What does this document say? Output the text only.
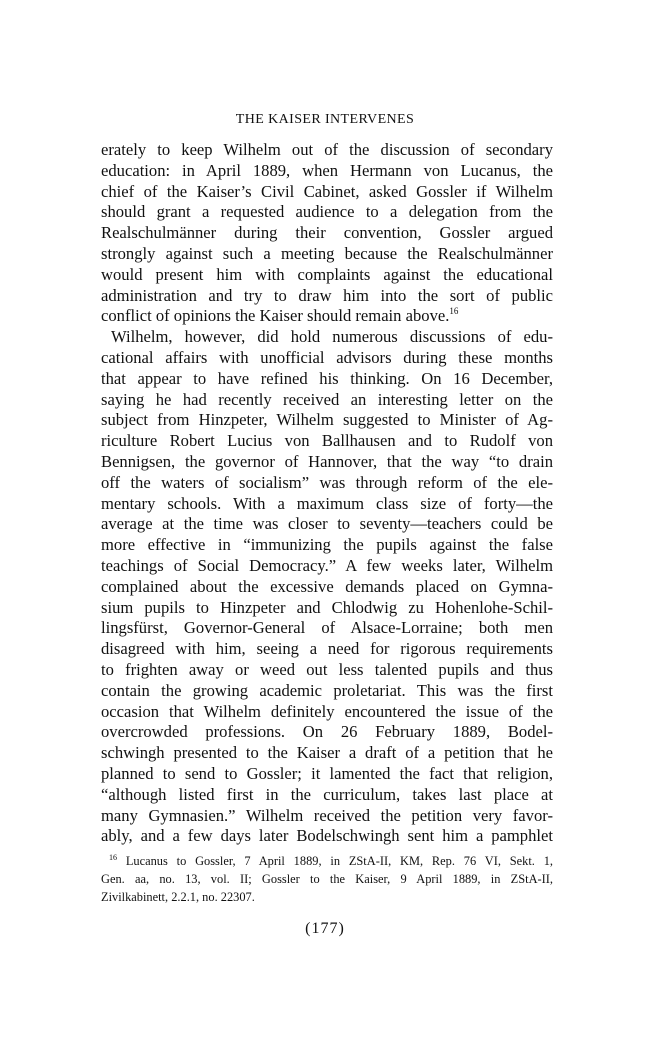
THE KAISER INTERVENES
erately to keep Wilhelm out of the discussion of secondary
education: in April 1889, when Hermann von Lucanus, the
chief of the Kaiser’s Civil Cabinet, asked Gossler if Wilhelm
should grant a requested audience to a delegation from the
Realschulmänner during their convention, Gossler argued
strongly against such a meeting because the Realschulmänner
would present him with complaints against the educational
administration and try to draw him into the sort of public
conflict of opinions the Kaiser should remain above.$^{16}$
Wilhelm, however, did hold numerous discussions of edu-
cational affairs with unofficial advisors during these months
that appear to have refined his thinking. On 16 December,
saying he had recently received an interesting letter on the
subject from Hinzpeter, Wilhelm suggested to Minister of Ag-
riculture Robert Lucius von Ballhausen and to Rudolf von
Bennigsen, the governor of Hannover, that the way “to drain
off the waters of socialism” was through reform of the ele-
mentary schools. With a maximum class size of forty—the
average at the time was closer to seventy—teachers could be
more effective in “immunizing the pupils against the false
teachings of Social Democracy.” A few weeks later, Wilhelm
complained about the excessive demands placed on Gymna-
sium pupils to Hinzpeter and Chlodwig zu Hohenlohe-Schil-
lingsfürst, Governor-General of Alsace-Lorraine; both men
disagreed with him, seeing a need for rigorous requirements
to frighten away or weed out less talented pupils and thus
contain the growing academic proletariat. This was the first
occasion that Wilhelm definitely encountered the issue of the
overcrowded professions. On 26 February 1889, Bodel-
schwingh presented to the Kaiser a draft of a petition that he
planned to send to Gossler; it lamented the fact that religion,
“although listed first in the curriculum, takes last place at
many Gymnasien.” Wilhelm received the petition very favor-
ably, and a few days later Bodelschwingh sent him a pamphlet
$^{16}$ Lucanus to Gossler, 7 April 1889, in ZStA-II, KM, Rep. 76 VI, Sekt. 1,
Gen. aa, no. 13, vol. II; Gossler to the Kaiser, 9 April 1889, in ZStA-II,
Zivilkabinett, 2.2.1, no. 22307.
(177)
